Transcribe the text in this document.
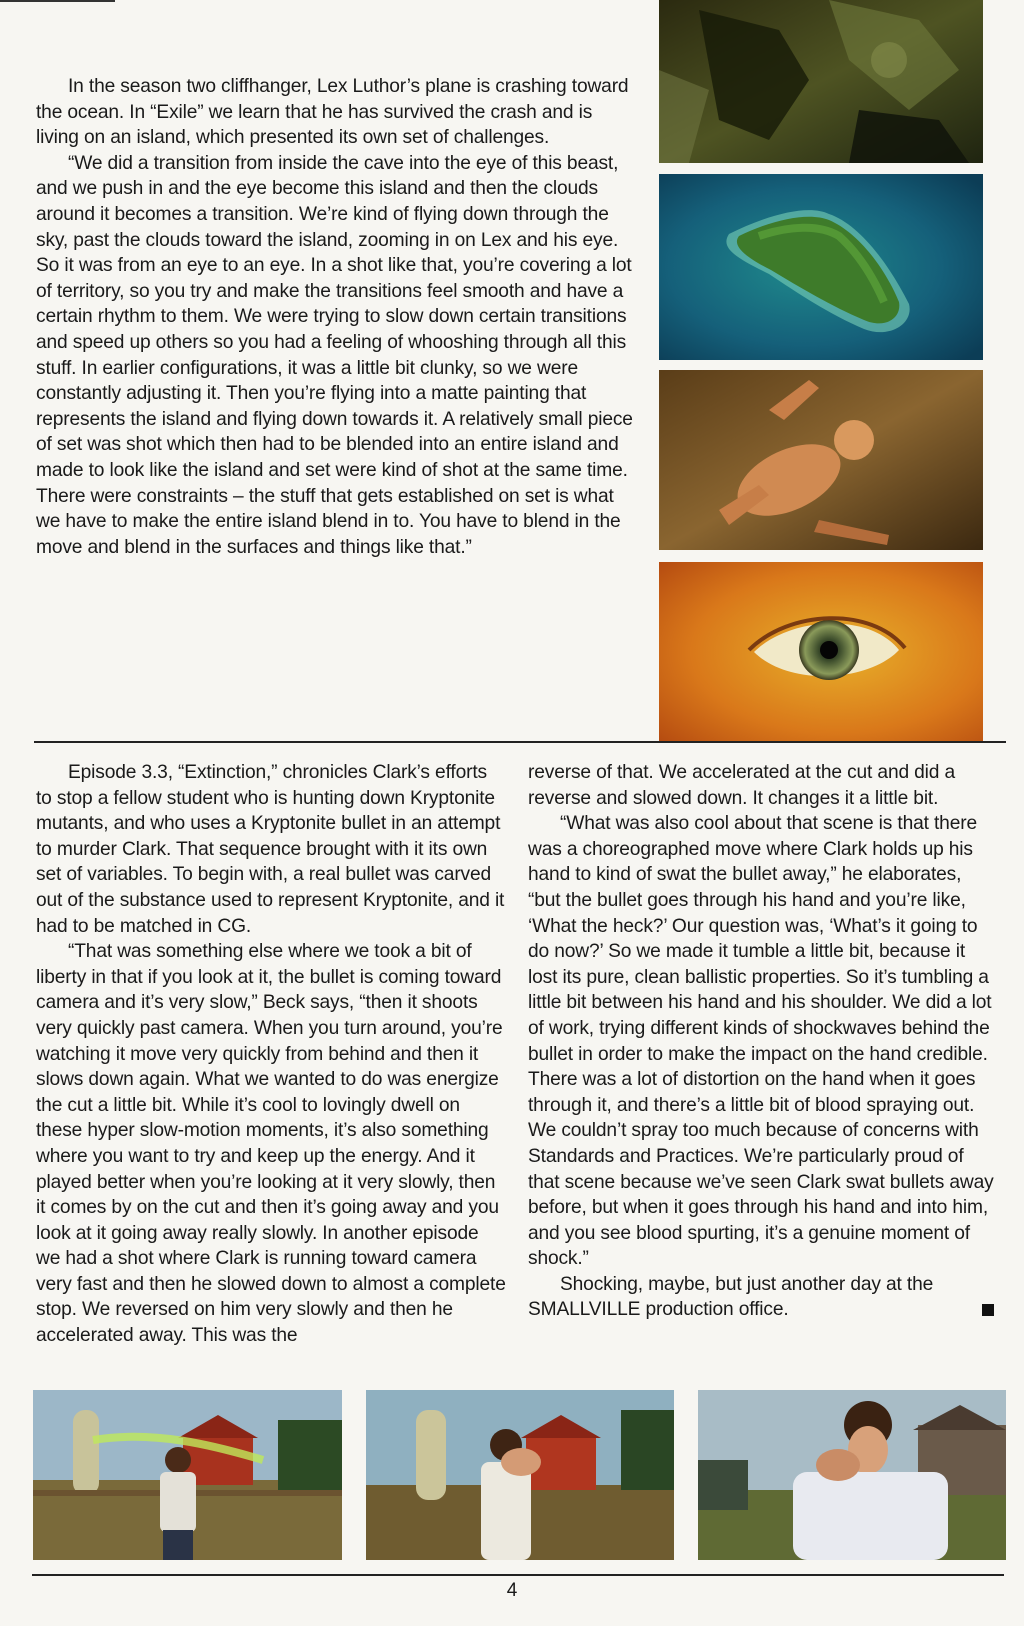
In the season two cliffhanger, Lex Luthor’s plane is crashing toward the ocean. In “Exile” we learn that he has survived the crash and is living on an island, which presented its own set of challenges.

“We did a transition from inside the cave into the eye of this beast, and we push in and the eye become this island and then the clouds around it becomes a transition. We’re kind of flying down through the sky, past the clouds toward the island, zooming in on Lex and his eye. So it was from an eye to an eye. In a shot like that, you’re covering a lot of territory, so you try and make the transitions feel smooth and have a certain rhythm to them. We were trying to slow down certain transitions and speed up others so you had a feeling of whooshing through all this stuff. In earlier configurations, it was a little bit clunky, so we were constantly adjusting it. Then you’re flying into a matte painting that represents the island and flying down towards it. A relatively small piece of set was shot which then had to be blended into an entire island and made to look like the island and set were kind of shot at the same time. There were constraints – the stuff that gets established on set is what we have to make the entire island blend in to. You have to blend in the move and blend in the surfaces and things like that.”

Episode 3.3, “Extinction,” chronicles Clark’s efforts to stop a fellow student who is hunting down Kryptonite mutants, and who uses a Kryptonite bullet in an attempt to murder Clark. That sequence brought with it its own set of variables. To begin with, a real bullet was carved out of the substance used to represent Kryptonite, and it had to be matched in CG.

“That was something else where we took a bit of liberty in that if you look at it, the bullet is coming toward camera and it’s very slow,” Beck says, “then it shoots very quickly past camera. When you turn around, you’re watching it move very quickly from behind and then it slows down again. What we wanted to do was energize the cut a little bit. While it’s cool to lovingly dwell on these hyper slow-motion moments, it’s also something where you want to try and keep up the energy. And it played better when you’re looking at it very slowly, then it comes by on the cut and then it’s going away and you look at it going away really slowly. In another episode we had a shot where Clark is running toward camera very fast and then he slowed down to almost a complete stop. We reversed on him very slowly and then he accelerated away. This was the

reverse of that. We accelerated at the cut and did a reverse and slowed down. It changes it a little bit.

“What was also cool about that scene is that there was a choreographed move where Clark holds up his hand to kind of swat the bullet away,” he elaborates, “but the bullet goes through his hand and you’re like, ‘What the heck?’ Our question was, ‘What’s it going to do now?’ So we made it tumble a little bit, because it lost its pure, clean ballistic properties. So it’s tumbling a little bit between his hand and his shoulder. We did a lot of work, trying different kinds of shockwaves behind the bullet in order to make the impact on the hand credible. There was a lot of distortion on the hand when it goes through it, and there’s a little bit of blood spraying out. We couldn’t spray too much because of concerns with Standards and Practices. We’re particularly proud of that scene because we’ve seen Clark swat bullets away before, but when it goes through his hand and into him, and you see blood spurting, it’s a genuine moment of shock.”

Shocking, maybe, but just another day at the SMALLVILLE production office.

4
